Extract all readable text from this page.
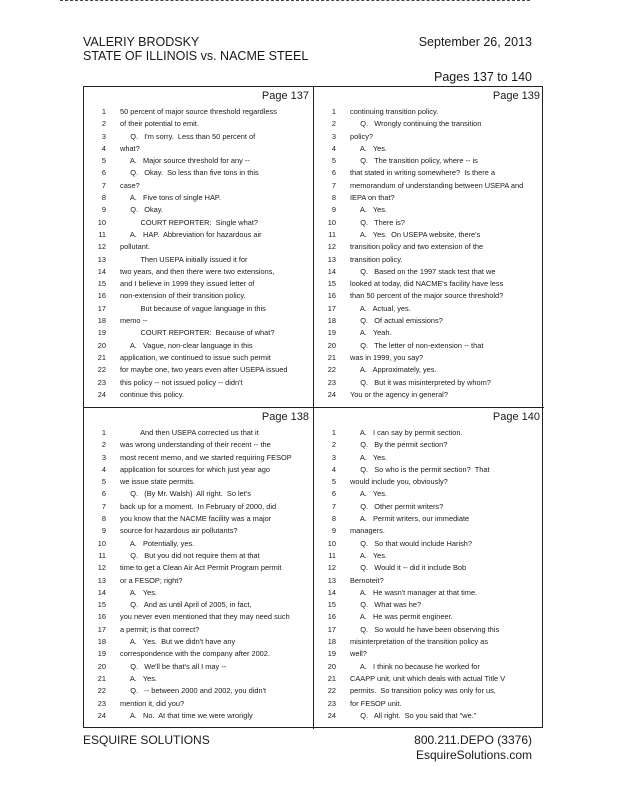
VALERIY BRODSKY
STATE OF ILLINOIS vs. NACME STEEL
September 26, 2013
Pages 137 to 140
Page 137
1 50 percent of major source threshold regardless
2 of their potential to emit.
3 Q.   I'm sorry.  Less than 50 percent of
4 what?
5 A.   Major source threshold for any --
6 Q.   Okay.  So less than five tons in this
7 case?
8 A.   Five tons of single HAP.
9 Q.   Okay.
10 COURT REPORTER:  Single what?
11 A.   HAP.  Abbreviation for hazardous air
12 pollutant.
13 Then USEPA initially issued it for
14 two years, and then there were two extensions,
15 and I believe in 1999 they issued letter of
16 non-extension of their transition policy.
17 But because of vague language in this
18 memo --
19 COURT REPORTER:  Because of what?
20 A.   Vague, non-clear language in this
21 application, we continued to issue such permit
22 for maybe one, two years even after USEPA issued
23 this policy -- not issued policy -- didn't
24 continue this policy.
Page 139
1 continuing transition policy.
2 Q.   Wrongly continuing the transition
3 policy?
4 A.   Yes.
5 Q.   The transition policy, where -- is
6 that stated in writing somewhere?  Is there a
7 memorandum of understanding between USEPA and
8 IEPA on that?
9 A.   Yes.
10 Q.   There is?
11 A.   Yes.  On USEPA website, there's
12 transition policy and two extension of the
13 transition policy.
14 Q.   Based on the 1997 stack test that we
15 looked at today, did NACME's facility have less
16 than 50 percent of the major source threshold?
17 A.   Actual, yes.
18 Q.   Of actual emissions?
19 A.   Yeah.
20 Q.   The letter of non-extension -- that
21 was in 1999, you say?
22 A.   Approximately, yes.
23 Q.   But it was misinterpreted by whom?
24 You or the agency in general?
Page 138
1 And then USEPA corrected us that it
2 was wrong understanding of their recent -- the
3 most recent memo, and we started requiring FESOP
4 application for sources for which just year ago
5 we issue state permits.
6 Q.   (By Mr. Walsh)  All right.  So let's
7 back up for a moment.  In February of 2000, did
8 you know that the NACME facility was a major
9 source for hazardous air pollutants?
10 A.   Potentially, yes.
11 Q.   But you did not require them at that
12 time to get a Clean Air Act Permit Program permit
13 or a FESOP; right?
14 A.   Yes.
15 Q.   And as until April of 2005, in fact,
16 you never even mentioned that they may need such
17 a permit; is that correct?
18 A.   Yes.  But we didn't have any
19 correspondence with the company after 2002.
20 Q.   We'll be that's all I may --
21 A.   Yes.
22 Q.   -- between 2000 and 2002, you didn't
23 mention it, did you?
24 A.   No.  At that time we were wrongly
Page 140
1 A.   I can say by permit section.
2 Q.   By the permit section?
3 A.   Yes.
4 Q.   So who is the permit section?  That
5 would include you, obviously?
6 A.   Yes.
7 Q.   Other permit writers?
8 A.   Permit writers, our immediate
9 managers.
10 Q.   So that would include Harish?
11 A.   Yes.
12 Q.   Would it -- did it include Bob
13 Bernoteit?
14 A.   He wasn't manager at that time.
15 Q.   What was he?
16 A.   He was permit engineer.
17 Q.   So would he have been observing this
18 misinterpretation of the transition policy as
19 well?
20 A.   I think no because he worked for
21 CAAPP unit, unit which deals with actual Title V
22 permits.  So transition policy was only for us,
23 for FESOP unit.
24 Q.   All right.  So you said that "we."
ESQUIRE SOLUTIONS	800.211.DEPO (3376)
EsquireSolutions.com
